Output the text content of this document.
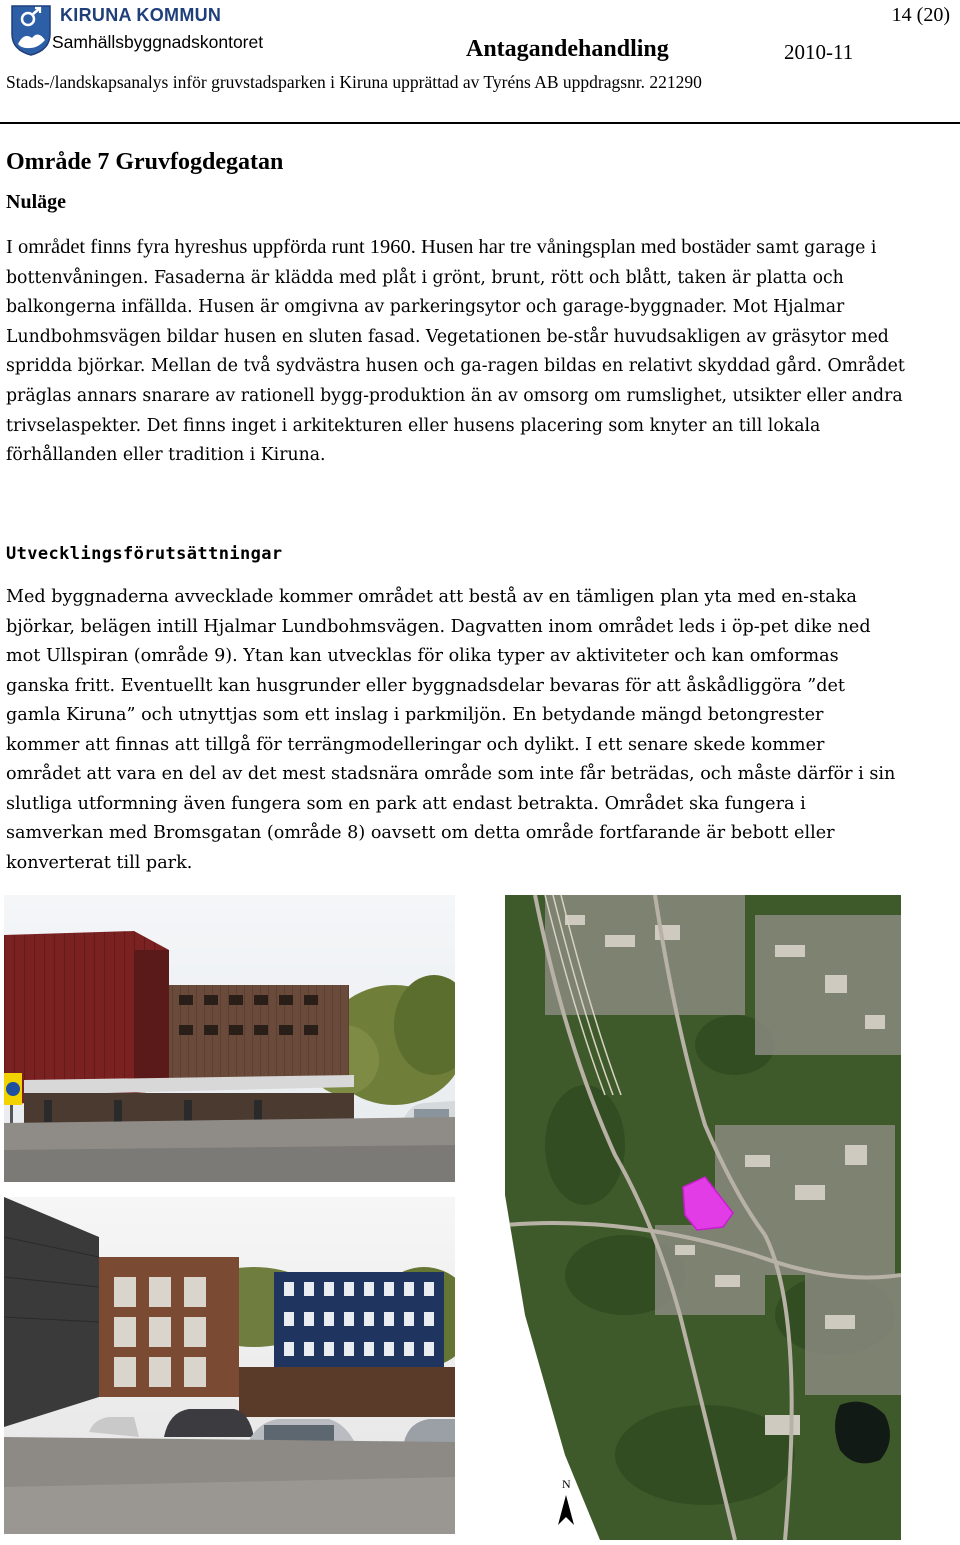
KIRUNA KOMMUN
Samhällsbyggnadskontoret
14 (20)
Antagandehandling	2010-11
Stads-/landskapsanalys inför gruvstadsparken i Kiruna upprättad av Tyréns AB uppdragsnr. 221290
Område 7 Gruvfogdegatan
Nuläge
I området finns fyra hyreshus uppförda runt 1960. Husen har tre våningsplan med bostäder samt garage i bottenvåningen. Fasaderna är klädda med plåt i grönt, brunt, rött och blått, taken är platta och balkongerna infällda. Husen är omgivna av parkeringsytor och garage-byggnader. Mot Hjalmar Lundbohmsvägen bildar husen en sluten fasad. Vegetationen be-står huvudsakligen av gräsytor med spridda björkar. Mellan de två sydvästra husen och ga-ragen bildas en relativt skyddad gård. Området präglas annars snarare av rationell bygg-produktion än av omsorg om rumslighet, utsikter eller andra trivselaspekter. Det finns inget i arkitekturen eller husens placering som knyter an till lokala förhållanden eller tradition i Kiruna.
Utvecklingsförutsättningar
Med byggnaderna avvecklade kommer området att bestå av en tämligen plan yta med en-staka björkar, belägen intill Hjalmar Lundbohmsvägen. Dagvatten inom området leds i öp-pet dike ned mot Ullspiran (område 9). Ytan kan utvecklas för olika typer av aktiviteter och kan omformas ganska fritt. Eventuellt kan husgrunder eller byggnadsdelar bevaras för att åskådliggöra ”det gamla Kiruna” och utnyttjas som ett inslag i parkmiljön. En betydande mängd betongrester kommer att finnas att tillgå för terrängmodelleringar och dylikt. I ett senare skede kommer området att vara en del av det mest stadsnära område som inte får beträdas, och måste därför i sin slutliga utformning även fungera som en park att endast betrakta. Området ska fungera i samverkan med Bromsgatan (område 8) oavsett om detta område fortfarande är bebott eller konverterat till park.
N
